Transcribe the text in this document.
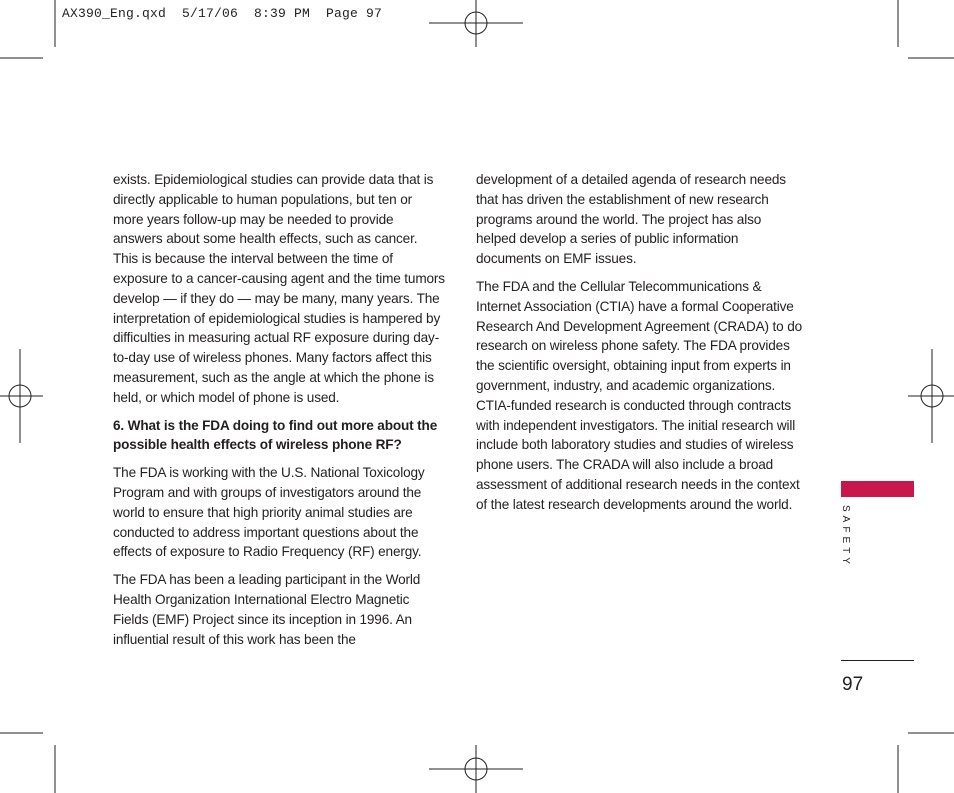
AX390_Eng.qxd  5/17/06  8:39 PM  Page 97

exists. Epidemiological studies can provide data that is directly applicable to human populations, but ten or more years follow-up may be needed to provide answers about some health effects, such as cancer. This is because the interval between the time of exposure to a cancer-causing agent and the time tumors develop — if they do — may be many, many years. The interpretation of epidemiological studies is hampered by difficulties in measuring actual RF exposure during day-to-day use of wireless phones. Many factors affect this measurement, such as the angle at which the phone is held, or which model of phone is used.

6. What is the FDA doing to find out more about the possible health effects of wireless phone RF?

The FDA is working with the U.S. National Toxicology Program and with groups of investigators around the world to ensure that high priority animal studies are conducted to address important questions about the effects of exposure to Radio Frequency (RF) energy.

The FDA has been a leading participant in the World Health Organization International Electro Magnetic Fields (EMF) Project since its inception in 1996. An influential result of this work has been the

development of a detailed agenda of research needs that has driven the establishment of new research programs around the world. The project has also helped develop a series of public information documents on EMF issues.

The FDA and the Cellular Telecommunications & Internet Association (CTIA) have a formal Cooperative Research And Development Agreement (CRADA) to do research on wireless phone safety. The FDA provides the scientific oversight, obtaining input from experts in government, industry, and academic organizations. CTIA-funded research is conducted through contracts with independent investigators. The initial research will include both laboratory studies and studies of wireless phone users. The CRADA will also include a broad assessment of additional research needs in the context of the latest research developments around the world.

SAFETY
97
